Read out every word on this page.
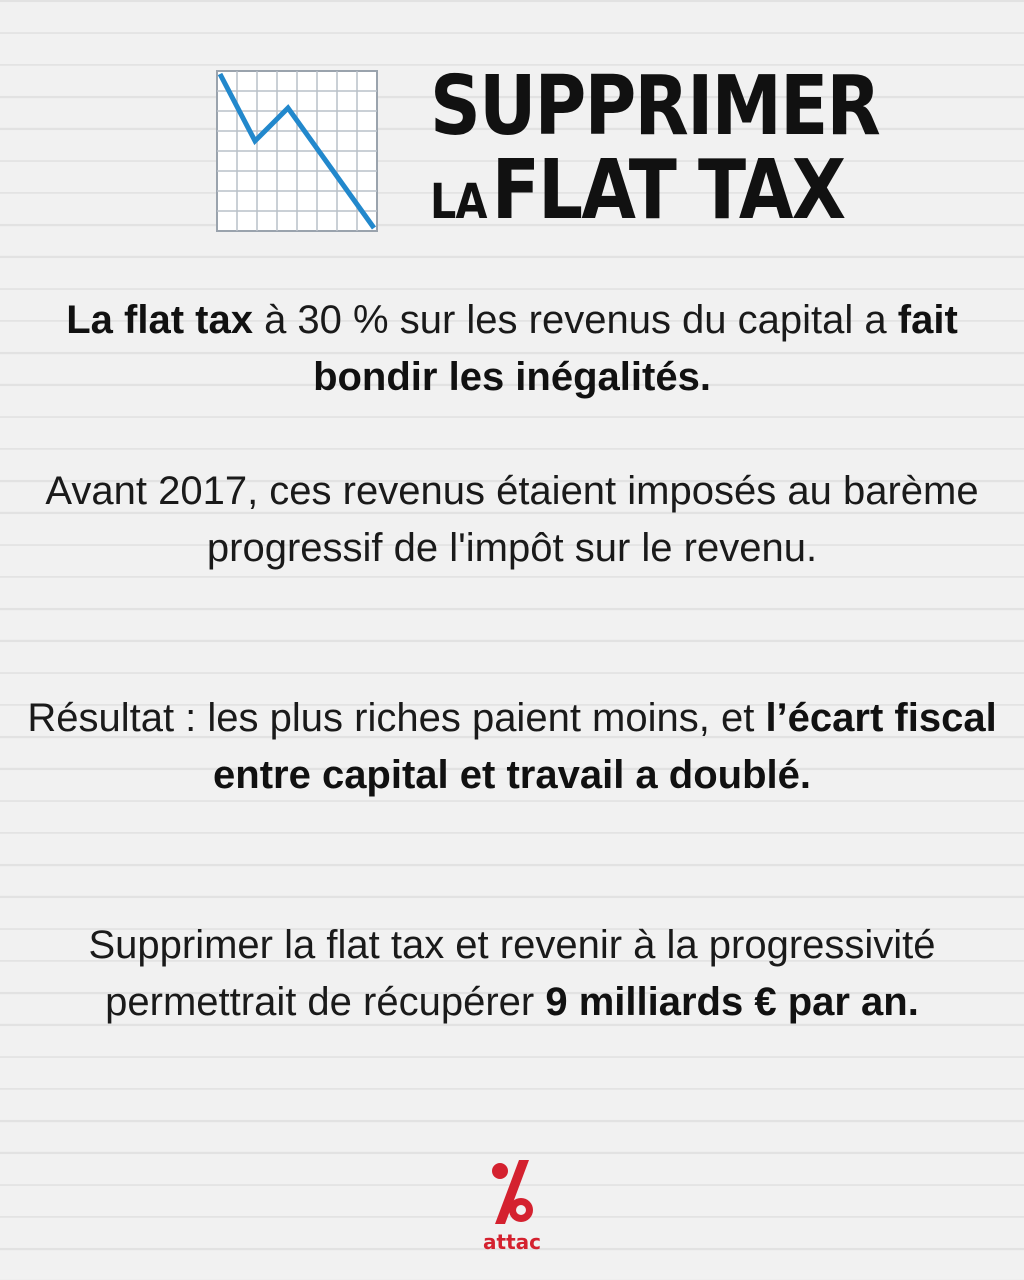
SUPPRIMER
LAFLAT TAX
La flat tax à 30 % sur les revenus du capital a fait bondir les inégalités.
Avant 2017, ces revenus étaient imposés au barème progressif de l'impôt sur le revenu.
Résultat : les plus riches paient moins, et l’écart fiscal entre capital et travail a doublé.
Supprimer la flat tax et revenir à la progressivité permettrait de récupérer 9 milliards € par an.
attac
